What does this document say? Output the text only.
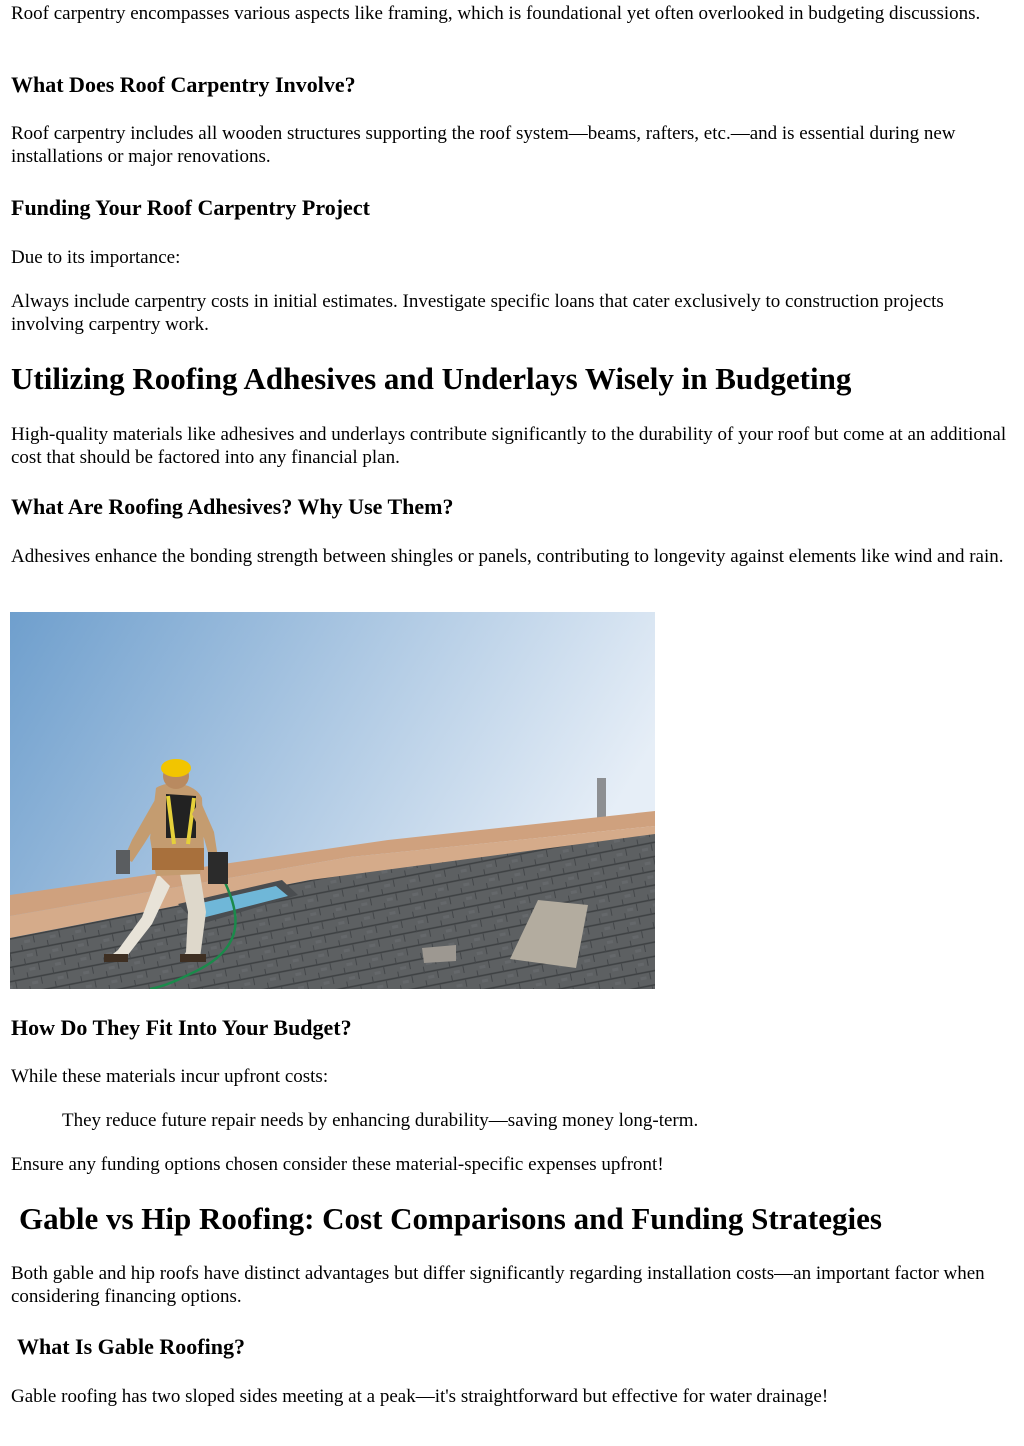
Roof carpentry encompasses various aspects like framing, which is foundational yet often overlooked in budgeting discussions.

What Does Roof Carpentry Involve?

Roof carpentry includes all wooden structures supporting the roof system—beams, rafters, etc.—and is essential during new installations or major renovations.

Funding Your Roof Carpentry Project

Due to its importance:

Always include carpentry costs in initial estimates. Investigate specific loans that cater exclusively to construction projects involving carpentry work.

Utilizing Roofing Adhesives and Underlays Wisely in Budgeting

High-quality materials like adhesives and underlays contribute significantly to the durability of your roof but come at an additional cost that should be factored into any financial plan.

What Are Roofing Adhesives? Why Use Them?

Adhesives enhance the bonding strength between shingles or panels, contributing to longevity against elements like wind and rain.

How Do They Fit Into Your Budget?

While these materials incur upfront costs:

They reduce future repair needs by enhancing durability—saving money long-term.

Ensure any funding options chosen consider these material-specific expenses upfront!

Gable vs Hip Roofing: Cost Comparisons and Funding Strategies

Both gable and hip roofs have distinct advantages but differ significantly regarding installation costs—an important factor when considering financing options.

What Is Gable Roofing?

Gable roofing has two sloped sides meeting at a peak—it's straightforward but effective for water drainage!
